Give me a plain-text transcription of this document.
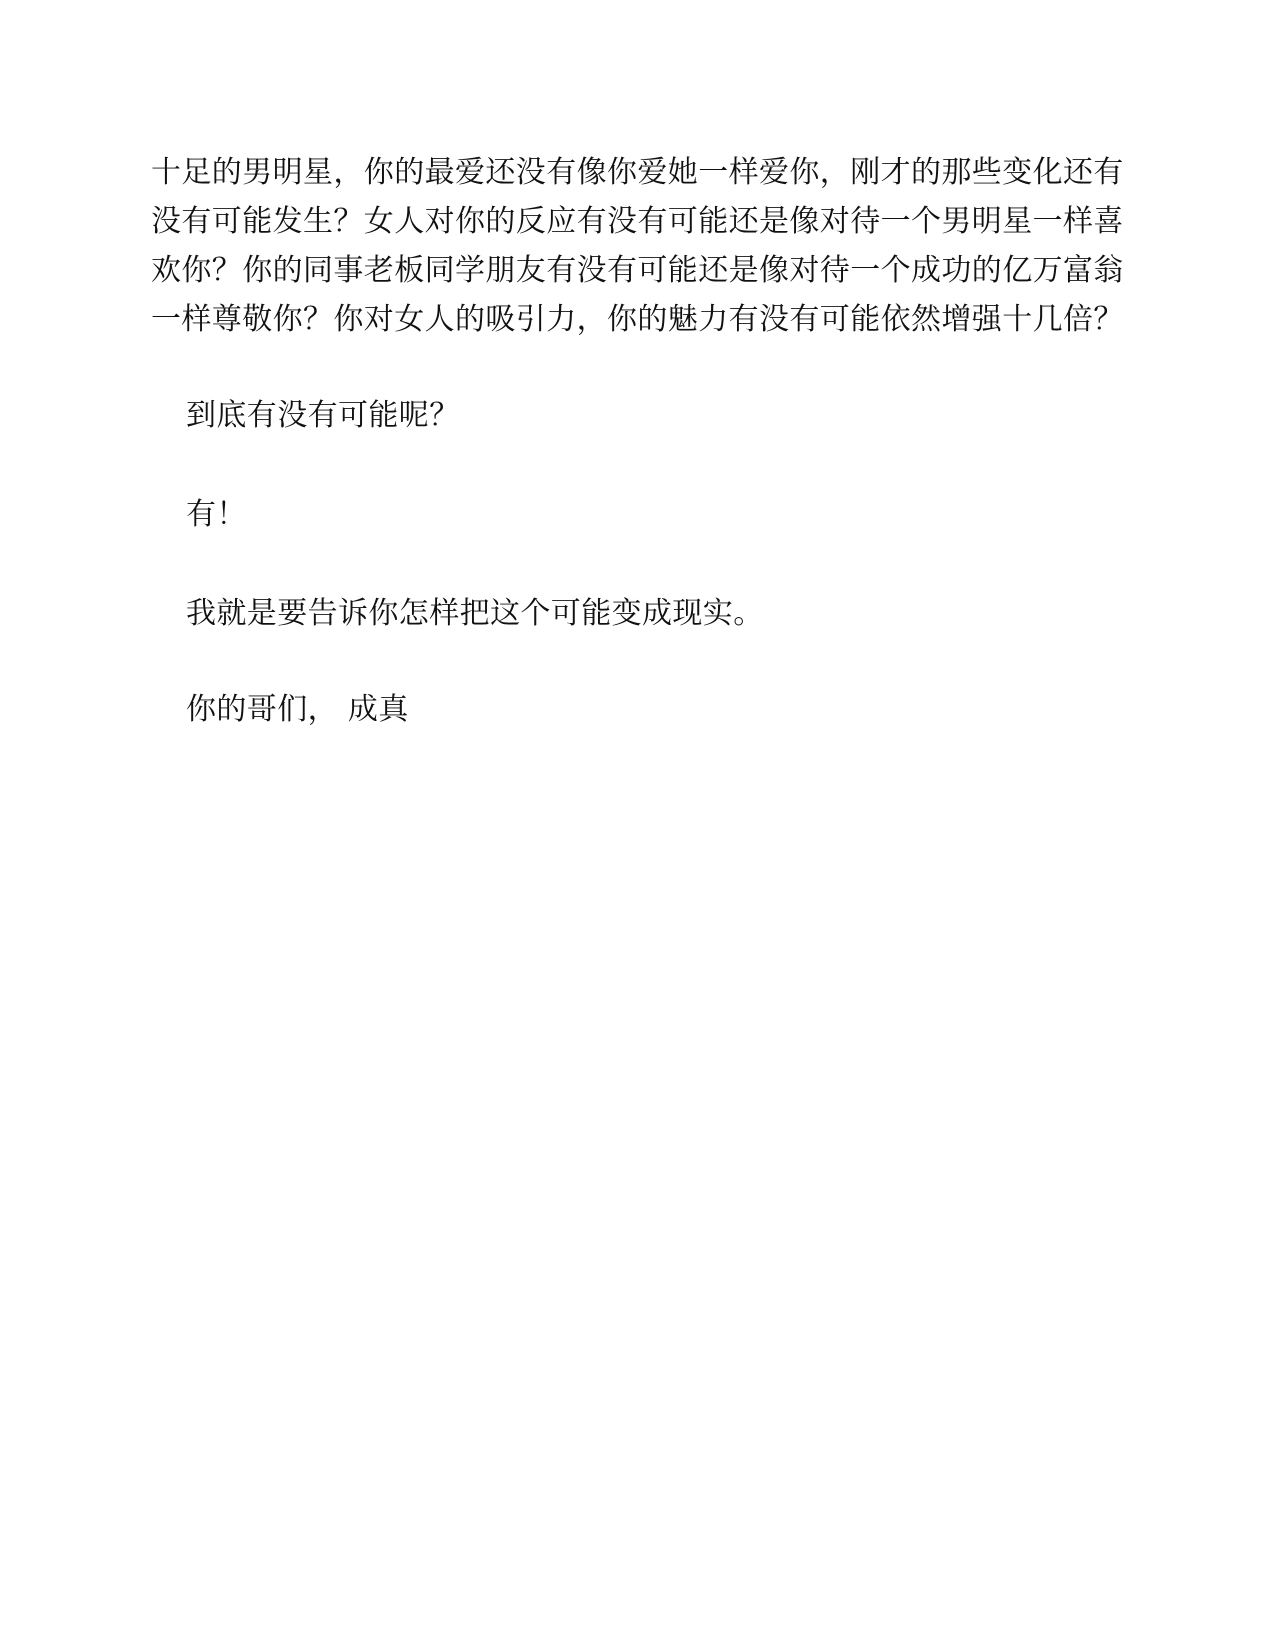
十足的男明星，你的最爱还没有像你爱她一样爱你，刚才的那些变化还有没有可能发生？女人对你的反应有没有可能还是像对待一个男明星一样喜欢你？你的同事老板同学朋友有没有可能还是像对待一个成功的亿万富翁一样尊敬你？你对女人的吸引力，你的魅力有没有可能依然增强十几倍？

到底有没有可能呢？

有！

我就是要告诉你怎样把这个可能变成现实。

你的哥们， 成真
